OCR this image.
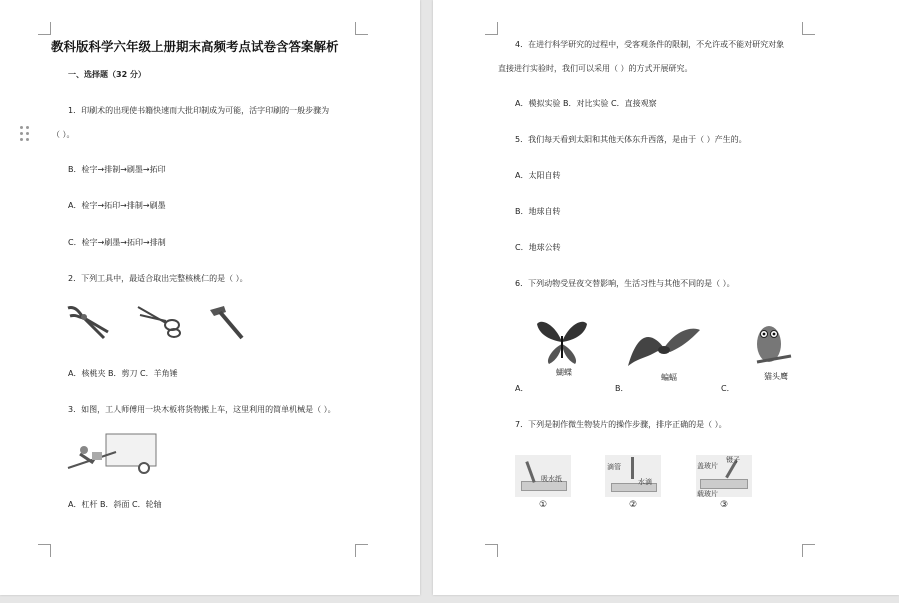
教科版科学六年级上册期末高频考点试卷含答案解析
一、选择题（32 分）
1．印刷术的出现使书籍快速而大批印制成为可能，活字印刷的一般步骤为
（ ）。
B．检字→排制→刷墨→拓印
A．检字→拓印→排制→刷墨
C．检字→刷墨→拓印→排制
2．下列工具中，最适合取出完整核桃仁的是（ ）。
A．核桃夹 B．剪刀 C．羊角锤
3．如图，工人师傅用一块木板将货物搬上车，这里利用的简单机械是（ ）。
A．杠杆 B．斜面 C．轮轴
4．在进行科学研究的过程中，受客观条件的限制，不允许或不能对研究对象
直接进行实验时，我们可以采用（ ）的方式开展研究。
A．模拟实验 B．对比实验 C．直接观察
5．我们每天看到太阳和其他天体东升西落，是由于（ ）产生的。
A．太阳自转
B．地球自转
C．地球公转
6．下列动物受昼夜交替影响，生活习性与其他不同的是（ ）。
蝴蝶
蝙蝠	猫头鹰
A．	B．	C．
7．下列是制作微生物装片的操作步骤，排序正确的是（ ）。
吸水纸
滴管
水滴
盖玻片
镊子
载玻片
①	②	③
